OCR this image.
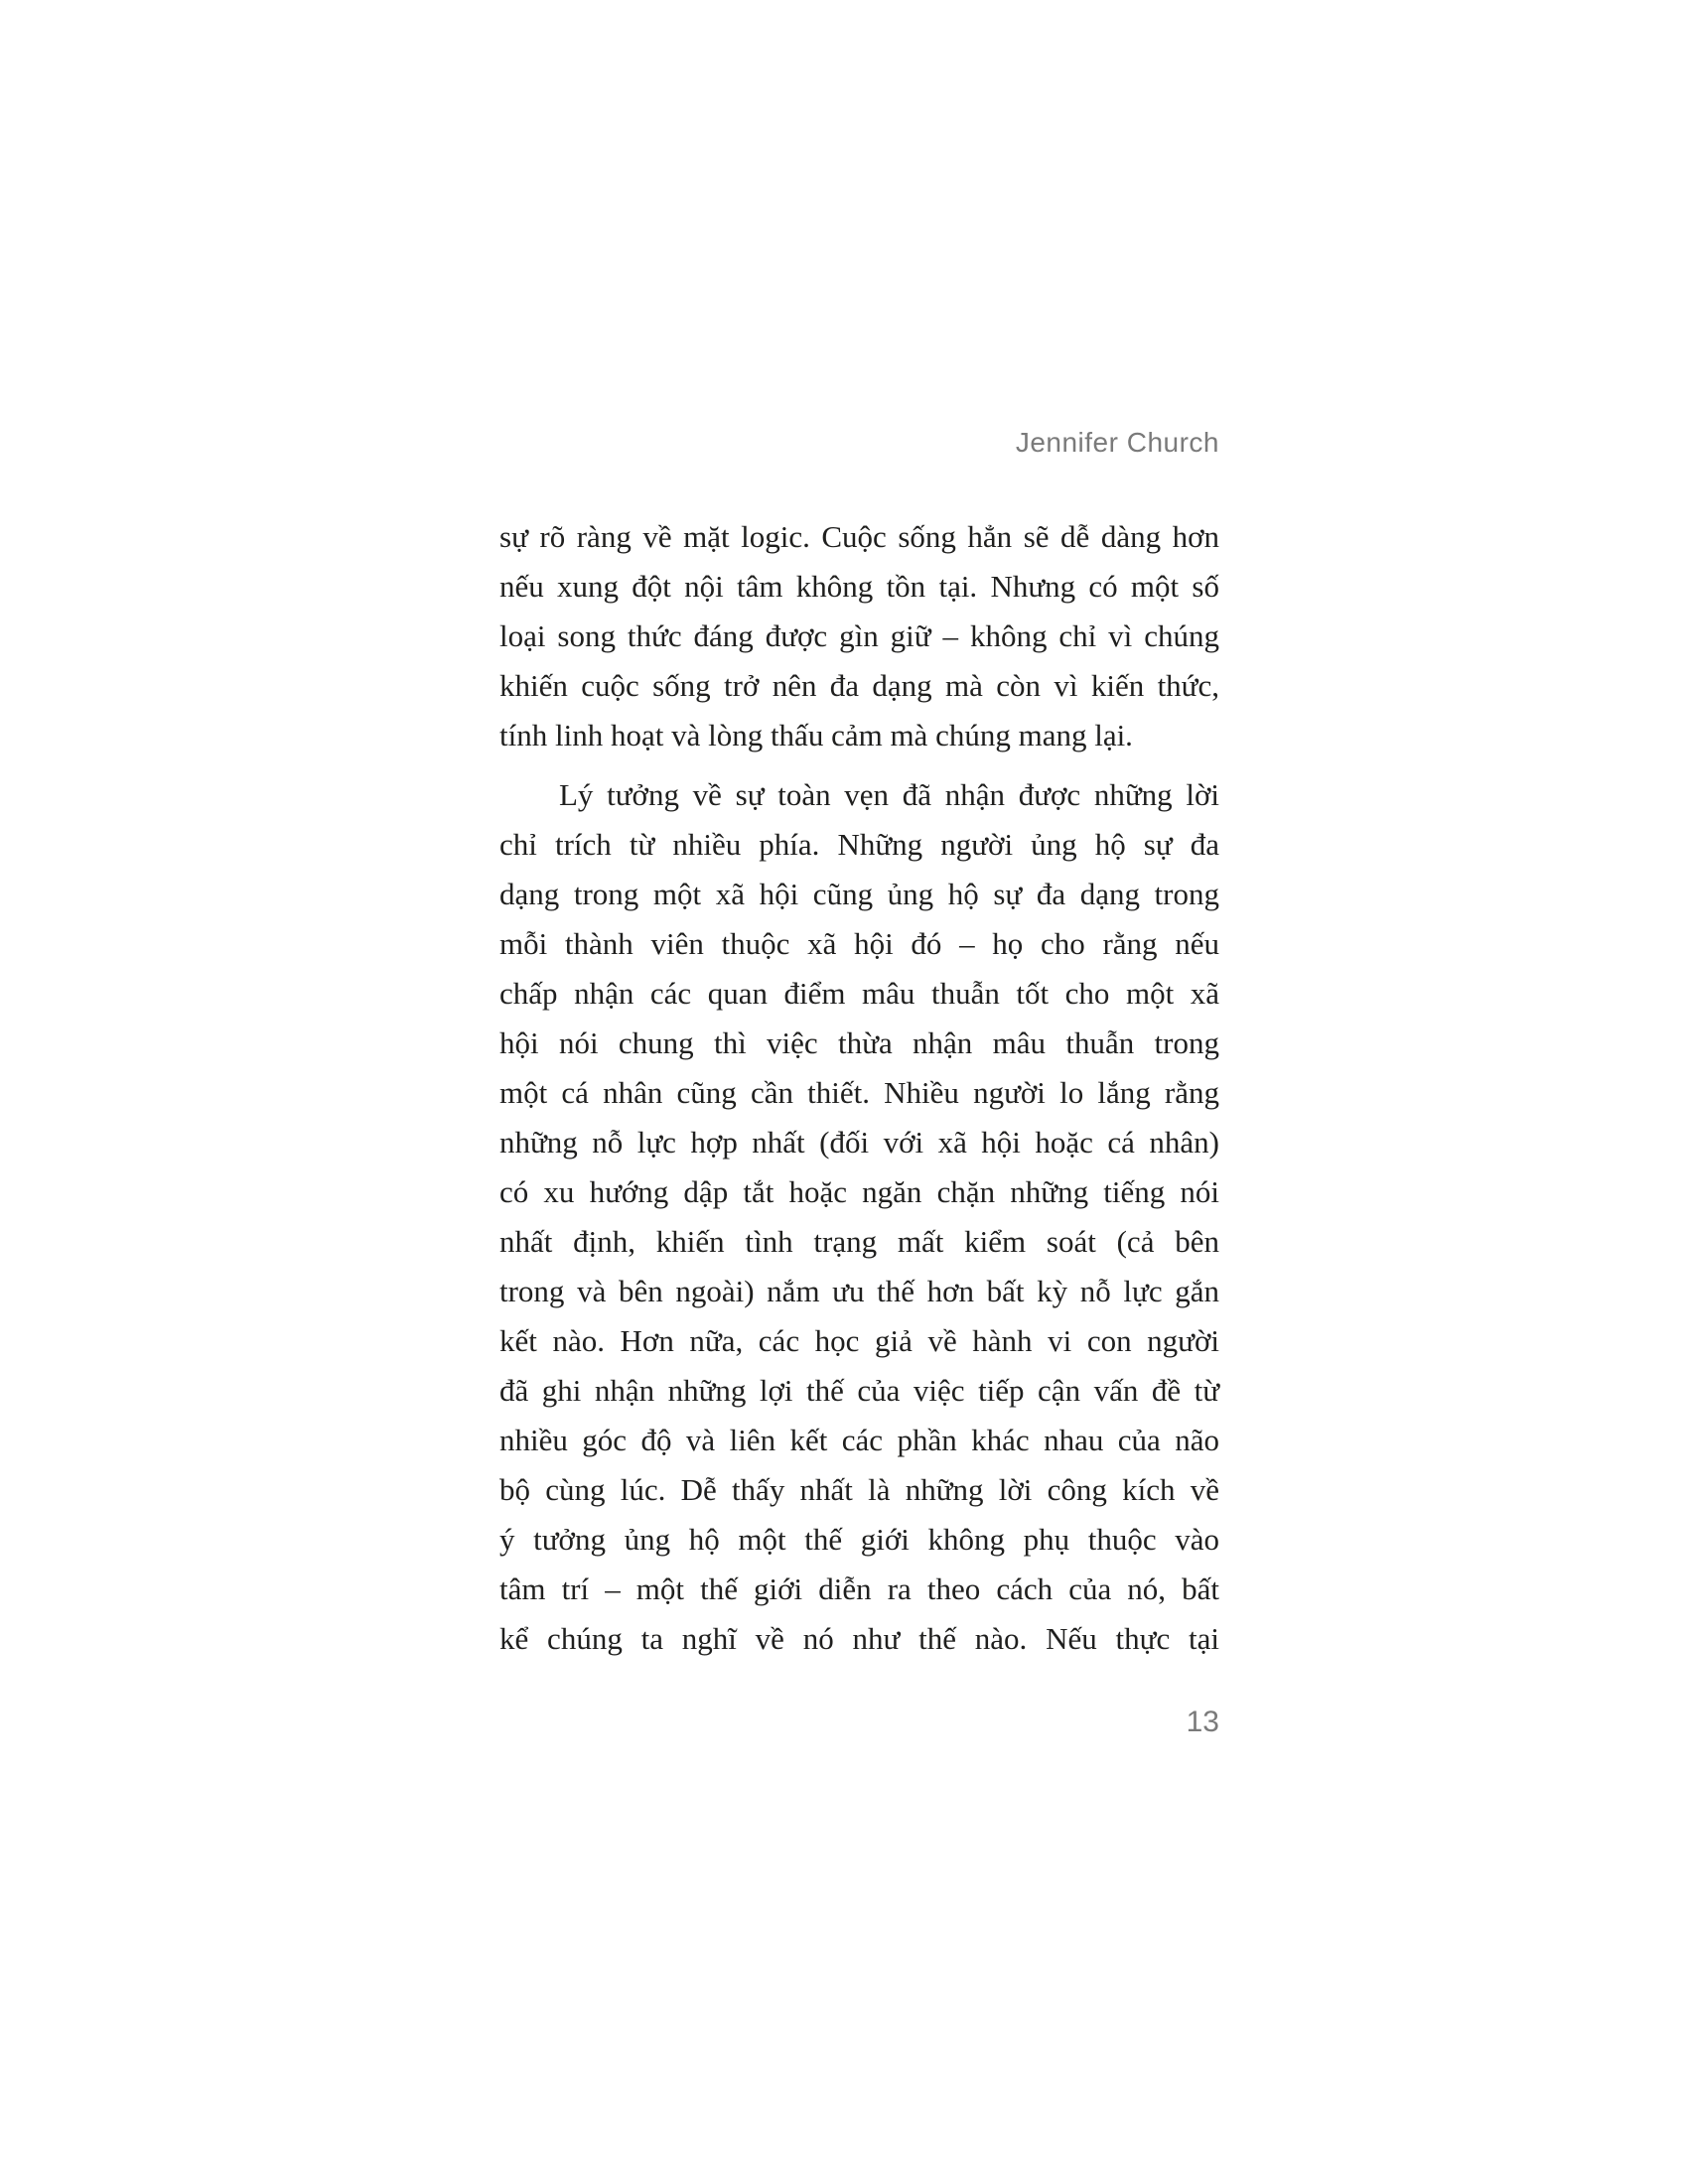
Jennifer Church
sự rõ ràng về mặt logic. Cuộc sống hẳn sẽ dễ dàng hơn
nếu xung đột nội tâm không tồn tại. Nhưng có một số
loại song thức đáng được gìn giữ – không chỉ vì chúng
khiến cuộc sống trở nên đa dạng mà còn vì kiến thức,
tính linh hoạt và lòng thấu cảm mà chúng mang lại.
Lý tưởng về sự toàn vẹn đã nhận được những lời
chỉ trích từ nhiều phía. Những người ủng hộ sự đa
dạng trong một xã hội cũng ủng hộ sự đa dạng trong
mỗi thành viên thuộc xã hội đó – họ cho rằng nếu
chấp nhận các quan điểm mâu thuẫn tốt cho một xã
hội nói chung thì việc thừa nhận mâu thuẫn trong
một cá nhân cũng cần thiết. Nhiều người lo lắng rằng
những nỗ lực hợp nhất (đối với xã hội hoặc cá nhân)
có xu hướng dập tắt hoặc ngăn chặn những tiếng nói
nhất định, khiến tình trạng mất kiểm soát (cả bên
trong và bên ngoài) nắm ưu thế hơn bất kỳ nỗ lực gắn
kết nào. Hơn nữa, các học giả về hành vi con người
đã ghi nhận những lợi thế của việc tiếp cận vấn đề từ
nhiều góc độ và liên kết các phần khác nhau của não
bộ cùng lúc. Dễ thấy nhất là những lời công kích về
ý tưởng ủng hộ một thế giới không phụ thuộc vào
tâm trí – một thế giới diễn ra theo cách của nó, bất
kể chúng ta nghĩ về nó như thế nào. Nếu thực tại
13
